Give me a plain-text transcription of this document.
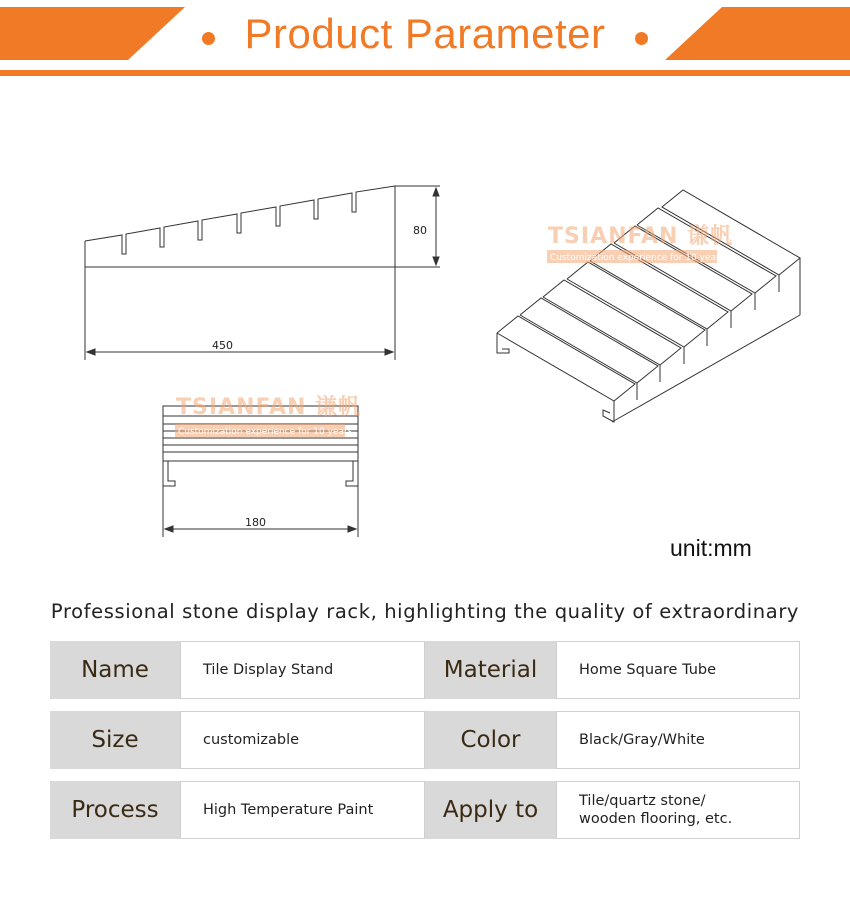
Product Parameter
80
450
180
TSIANFAN 谦帆
Customization experience for 10 years
TSIANFAN 谦帆
Customization experience for 10 years
unit:mm
Professional stone display rack, highlighting the quality of extraordinary
Name	Tile Display Stand	Material	Home Square Tube
Size	customizable	Color	Black/Gray/White
Process	High Temperature Paint	Apply to	Tile/quartz stone/
wooden flooring, etc.
